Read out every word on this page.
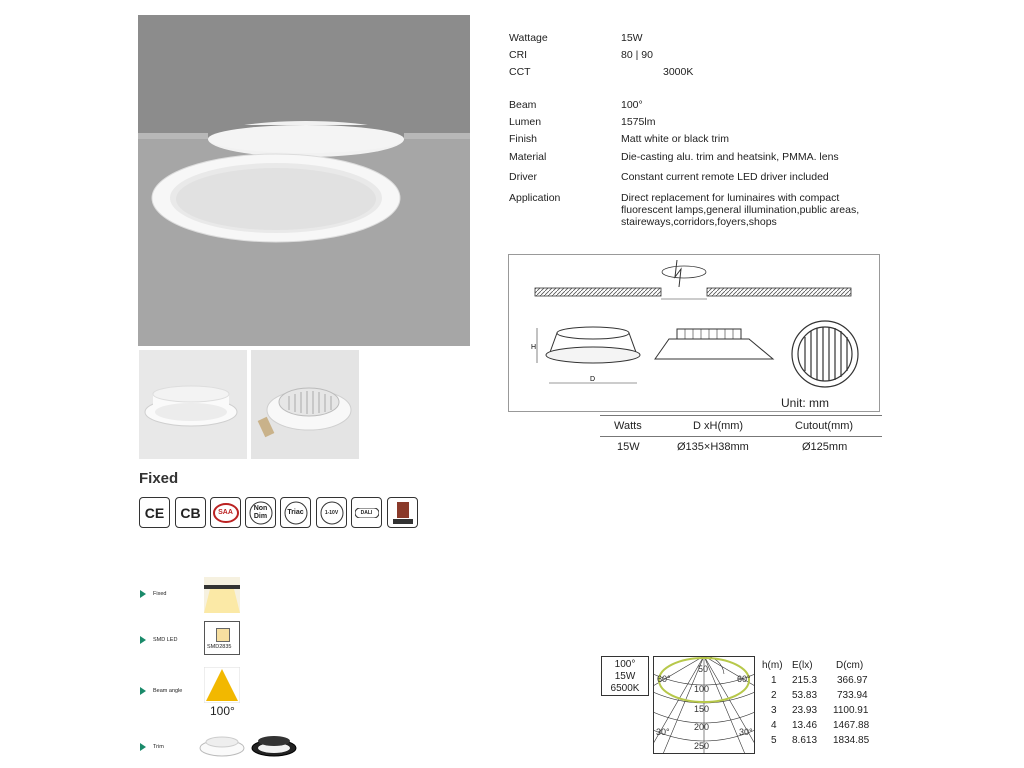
Fixed
CE CB	SAA
Non Dim
Triac	1-10V	DALI
Wattage	15W
CRI	80 | 90
CCT	3000K
Beam	100°
Lumen	1575lm
Finish	Matt white or black trim
Material	Die-casting alu. trim and heatsink, PMMA. lens
Driver	Constant current remote LED driver included
Application	Direct replacement for luminaires with compact fluorescent lamps,general illumination,public areas, staireways,corridors,foyers,shops
H
D
Unit: mm
Watts	D xH(mm)	Cutout(mm)
15W	Ø135×H38mm	Ø125mm
Fixed
SMD LED
SMD2835
Beam angle
100°
Trim
100°
15W
6500K
50
100
150
200
250
60°	60°
30°	30°
h(m) E(lx) D(cm)
1 215.3 366.97
2 53.83 733.94
3 23.93 1100.91
4 13.46 1467.88
5 8.613 1834.85
